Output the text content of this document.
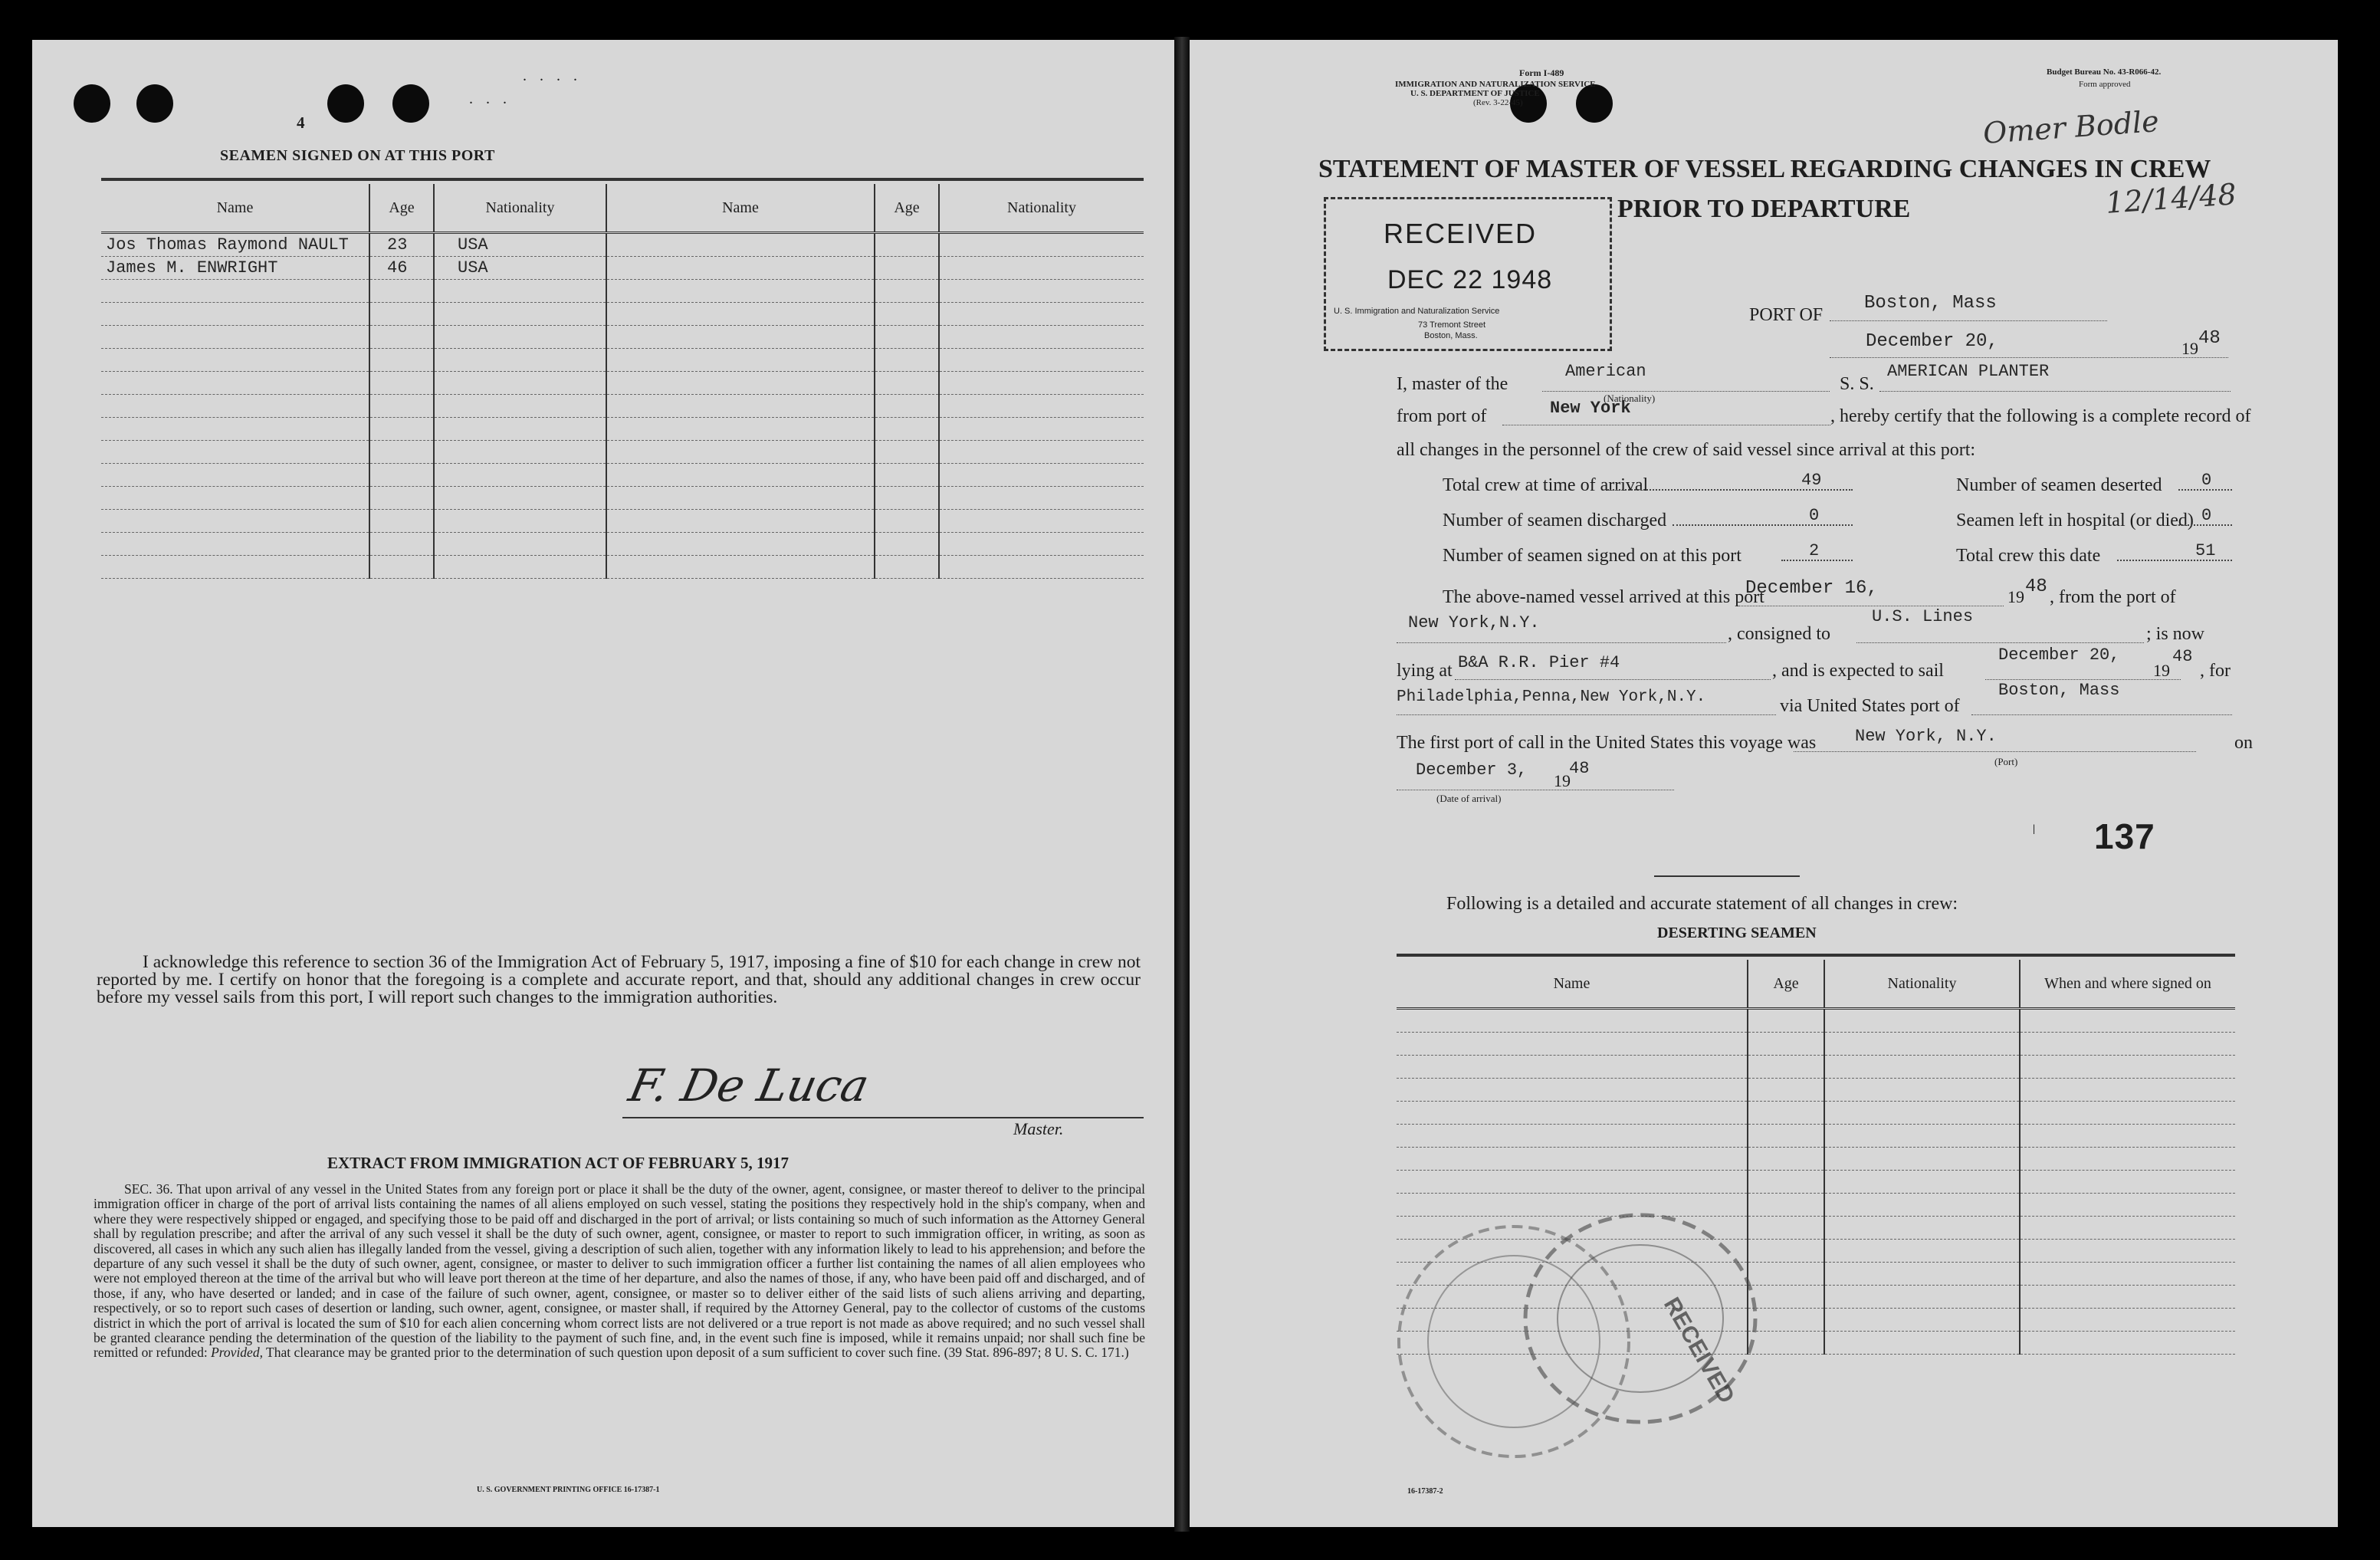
. . . .
. . .
4
SEAMEN SIGNED ON AT THIS PORT
Name	Age	Nationality	Name	Age	Nationality
Jos Thomas Raymond NAULT	23	USA			
James M. ENWRIGHT	46	USA			

I acknowledge this reference to section 36 of the Immigration Act of February 5, 1917, imposing a fine of $10 for each change in crew not reported by me. I certify on honor that the foregoing is a complete and accurate report, and that, should any additional changes in crew occur before my vessel sails from this port, I will report such changes to the immigration authorities.
F. De Luca
Master.
EXTRACT FROM IMMIGRATION ACT OF FEBRUARY 5, 1917
SEC. 36. That upon arrival of any vessel in the United States from any foreign port or place it shall be the duty of the owner, agent, consignee, or master thereof to deliver to the principal immigration officer in charge of the port of arrival lists containing the names of all aliens employed on such vessel, stating the positions they respectively hold in the ship's company, when and where they were respectively shipped or engaged, and specifying those to be paid off and discharged in the port of arrival; or lists containing so much of such information as the Attorney General shall by regulation prescribe; and after the arrival of any such vessel it shall be the duty of such owner, agent, consignee, or master to report to such immigration officer, in writing, as soon as discovered, all cases in which any such alien has illegally landed from the vessel, giving a description of such alien, together with any information likely to lead to his apprehension; and before the departure of any such vessel it shall be the duty of such owner, agent, consignee, or master to deliver to such immigration officer a further list containing the names of all alien employees who were not employed thereon at the time of the arrival but who will leave port thereon at the time of her departure, and also the names of those, if any, who have been paid off and discharged, and of those, if any, who have deserted or landed; and in case of the failure of such owner, agent, consignee, or master so to deliver either of the said lists of such aliens arriving and departing, respectively, or so to report such cases of desertion or landing, such owner, agent, consignee, or master shall, if required by the Attorney General, pay to the collector of customs of the customs district in which the port of arrival is located the sum of $10 for each alien concerning whom correct lists are not delivered or a true report is not made as above required; and no such vessel shall be granted clearance pending the determination of the question of the liability to the payment of such fine, and, in the event such fine is imposed, while it remains unpaid; nor shall such fine be remitted or refunded: Provided, That clearance may be granted prior to the determination of such question upon deposit of a sum sufficient to cover such fine. (39 Stat. 896-897; 8 U. S. C. 171.)
U. S. GOVERNMENT PRINTING OFFICE 16-17387-1
Form I-489
IMMIGRATION AND NATURALIZATION SERVICE
U. S. DEPARTMENT OF JUSTICE
(Rev. 3-22-45)
Budget Bureau No. 43-R066-42.
Form approved
Omer Bodle
12/14/48
STATEMENT OF MASTER OF VESSEL REGARDING CHANGES IN CREW
PRIOR TO DEPARTURE
RECEIVED
DEC 22 1948
U. S. Immigration and Naturalization Service
73 Tremont Street
Boston, Mass.
PORT OF
Boston, Mass
December 20,	19 48
I, master of the
American
(Nationality)
S. S.
AMERICAN PLANTER
from port of	New York	, hereby certify that the following is a complete record of
all changes in the personnel of the crew of said vessel since arrival at this port:
Total crew at time of arrival	49	Number of seamen deserted 0
Number of seamen discharged	0	Seamen left in hospital (or died) 0
Number of seamen signed on at this port	2	Total crew this date	51
The above-named vessel arrived at this port
December 16,	19 48 , from the port of
New York,N.Y.
, consigned to
U.S. Lines
; is now
lying at B&A R.R. Pier #4	, and is expected to sail
December 20,
19
48
, for
Philadelphia,Penna,New York,N.Y.	via United States port of
Boston, Mass
The first port of call in the United States this voyage was New York, N.Y.
(Port)
on
December 3,
19
48
(Date of arrival)
| 137
Following is a detailed and accurate statement of all changes in crew:
DESERTING SEAMEN
Name	Age	Nationality	When and where signed on

RECEIVED
16-17387-2
